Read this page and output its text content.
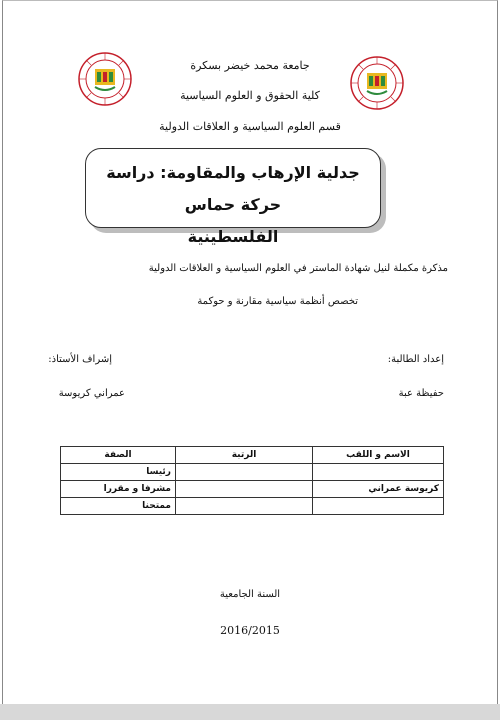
جامعة محمد خيضر بسكرة
كلية الحقوق و العلوم السياسية
قسم العلوم السياسية و العلاقات الدولية
جدلية الإرهاب والمقاومة: دراسة حركة حماس
الفلسطينية
مذكرة مكملة لنيل شهادة الماستر في العلوم السياسية و العلاقات الدولية
تخصص أنظمة سياسية مقارنة و حوكمة
إعداد الطالبة:
حفيظة عبة
إشراف الأستاذ:
عمراني كريوسة
الاسم و اللقب	الرتبة	الصفة
		رئيسا
كريوسة عمراني		مشرفا و مقررا
		ممتحنا
السنة الجامعية
2016/2015
